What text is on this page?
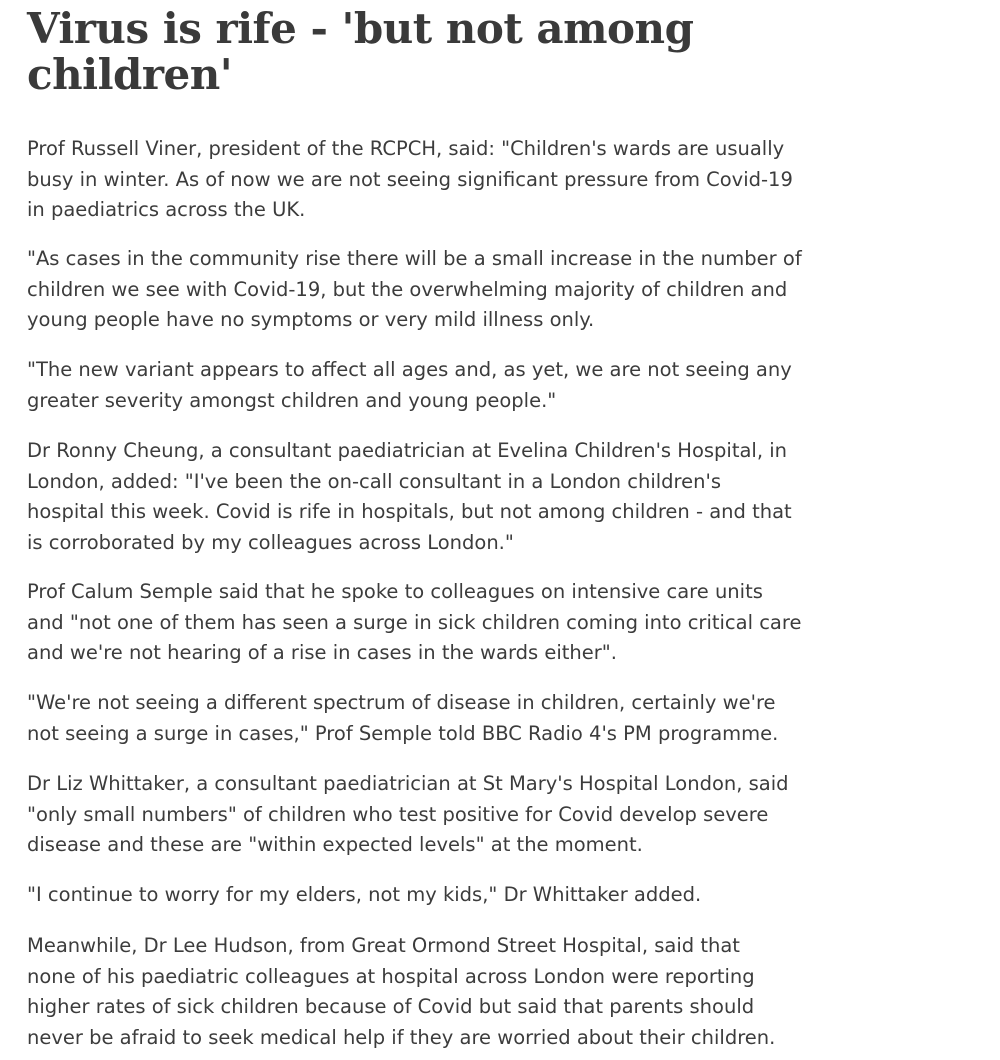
Virus is rife - 'but not among
children'

Prof Russell Viner, president of the RCPCH, said: "Children's wards are usually
busy in winter. As of now we are not seeing significant pressure from Covid-19
in paediatrics across the UK.

"As cases in the community rise there will be a small increase in the number of
children we see with Covid-19, but the overwhelming majority of children and
young people have no symptoms or very mild illness only.

"The new variant appears to affect all ages and, as yet, we are not seeing any
greater severity amongst children and young people."

Dr Ronny Cheung, a consultant paediatrician at Evelina Children's Hospital, in
London, added: "I've been the on-call consultant in a London children's
hospital this week. Covid is rife in hospitals, but not among children - and that
is corroborated by my colleagues across London."

Prof Calum Semple said that he spoke to colleagues on intensive care units
and "not one of them has seen a surge in sick children coming into critical care
and we're not hearing of a rise in cases in the wards either".

"We're not seeing a different spectrum of disease in children, certainly we're
not seeing a surge in cases," Prof Semple told BBC Radio 4's PM programme.

Dr Liz Whittaker, a consultant paediatrician at St Mary's Hospital London, said
"only small numbers" of children who test positive for Covid develop severe
disease and these are "within expected levels" at the moment.

"I continue to worry for my elders, not my kids," Dr Whittaker added.

Meanwhile, Dr Lee Hudson, from Great Ormond Street Hospital, said that
none of his paediatric colleagues at hospital across London were reporting
higher rates of sick children because of Covid but said that parents should
never be afraid to seek medical help if they are worried about their children.
